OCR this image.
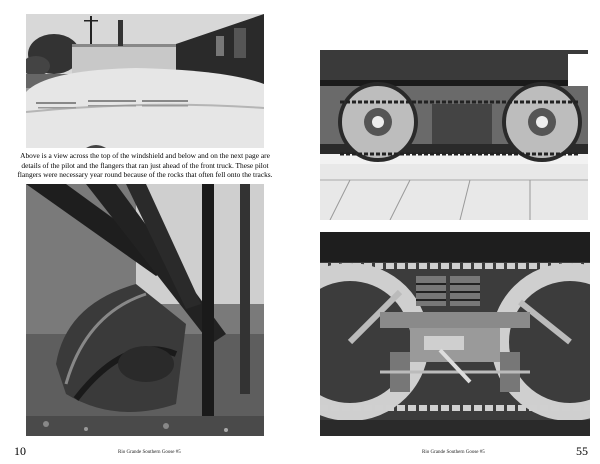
Above is a view across the top of the windshield and below and on the next page are details of the pilot and the flangers that ran just ahead of the front truck. These pilot flangers were necessary year round because of the rocks that often fell onto the tracks.
10	Rio Grande Southern Goose #5	55
Rio Grande Southern Goose #5
